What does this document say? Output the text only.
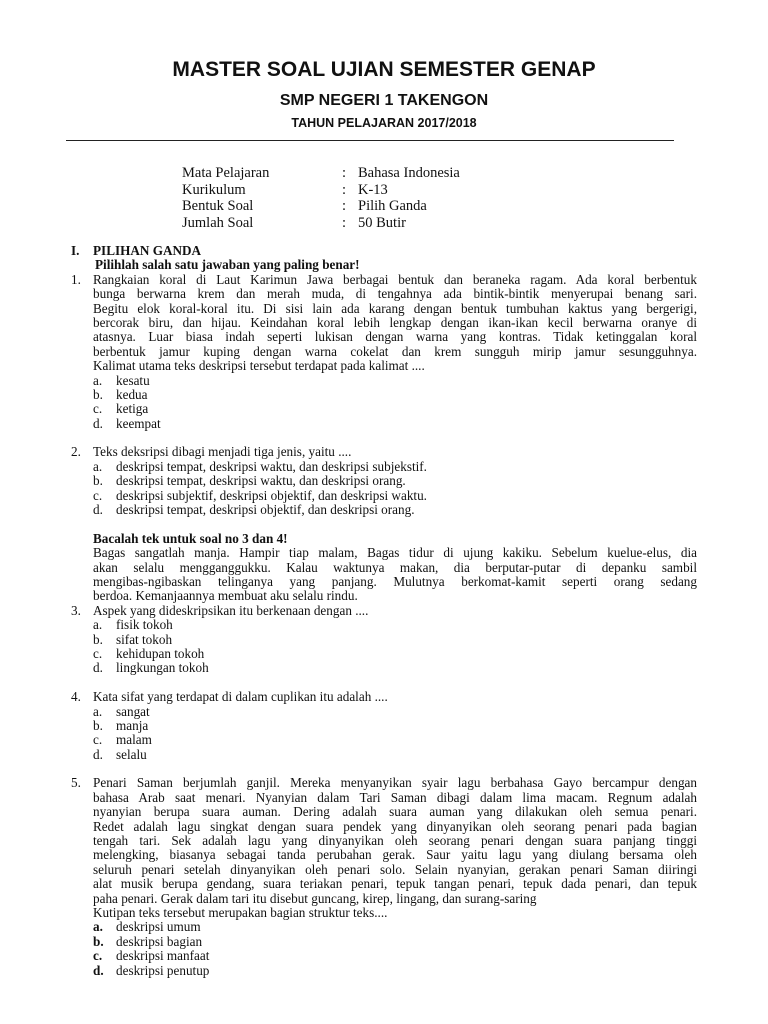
MASTER SOAL UJIAN SEMESTER GENAP
SMP NEGERI 1 TAKENGON
TAHUN PELAJARAN 2017/2018
Mata Pelajaran	: Bahasa Indonesia
Kurikulum	: K-13
Bentuk Soal	: Pilih Ganda
Jumlah Soal	: 50 Butir
I. PILIHAN GANDA
Pilihlah salah satu jawaban yang paling benar!
1. Rangkaian koral di Laut Karimun Jawa berbagai bentuk dan beraneka ragam. Ada koral berbentuk
bunga berwarna krem dan merah muda, di tengahnya ada bintik-bintik menyerupai benang sari.
Begitu elok koral-koral itu. Di sisi lain ada karang dengan bentuk tumbuhan kaktus yang bergerigi,
bercorak biru, dan hijau. Keindahan koral lebih lengkap dengan ikan-ikan kecil berwarna oranye di
atasnya. Luar biasa indah seperti lukisan dengan warna yang kontras. Tidak ketinggalan koral
berbentuk jamur kuping dengan warna cokelat dan krem sungguh mirip jamur sesungguhnya.
Kalimat utama teks deskripsi tersebut terdapat pada kalimat ....
a. kesatu
b. kedua
c. ketiga
d. keempat
2. Teks deksripsi dibagi menjadi tiga jenis, yaitu ....
a. deskripsi tempat, deskripsi waktu, dan deskripsi subjekstif.
b. deskripsi tempat, deskripsi waktu, dan deskripsi orang.
c. deskripsi subjektif, deskripsi objektif, dan deskripsi waktu.
d. deskripsi tempat, deskripsi objektif, dan deskripsi orang.
Bacalah tek untuk soal no 3 dan 4!
Bagas sangatlah manja. Hampir tiap malam, Bagas tidur di ujung kakiku. Sebelum kuelue-elus, dia
akan selalu mengganggukku. Kalau waktunya makan, dia berputar-putar di depanku sambil
mengibas-ngibaskan telinganya yang panjang. Mulutnya berkomat-kamit seperti orang sedang
berdoa. Kemanjaannya membuat aku selalu rindu.
3. Aspek yang dideskripsikan itu berkenaan dengan ....
a. fisik tokoh
b. sifat tokoh
c. kehidupan tokoh
d. lingkungan tokoh
4. Kata sifat yang terdapat di dalam cuplikan itu adalah ....
a. sangat
b. manja
c. malam
d. selalu
5. Penari Saman berjumlah ganjil. Mereka menyanyikan syair lagu berbahasa Gayo bercampur dengan
bahasa Arab saat menari. Nyanyian dalam Tari Saman dibagi dalam lima macam. Regnum adalah
nyanyian berupa suara auman. Dering adalah suara auman yang dilakukan oleh semua penari.
Redet adalah lagu singkat dengan suara pendek yang dinyanyikan oleh seorang penari pada bagian
tengah tari. Sek adalah lagu yang dinyanyikan oleh seorang penari dengan suara panjang tinggi
melengking, biasanya sebagai tanda perubahan gerak. Saur yaitu lagu yang diulang bersama oleh
seluruh penari setelah dinyanyikan oleh penari solo. Selain nyanyian, gerakan penari Saman diiringi
alat musik berupa gendang, suara teriakan penari, tepuk tangan penari, tepuk dada penari, dan tepuk
paha penari. Gerak dalam tari itu disebut guncang, kirep, lingang, dan surang-saring
Kutipan teks tersebut merupakan bagian struktur teks....
a. deskripsi umum
b. deskripsi bagian
c. deskripsi manfaat
d. deskripsi penutup
